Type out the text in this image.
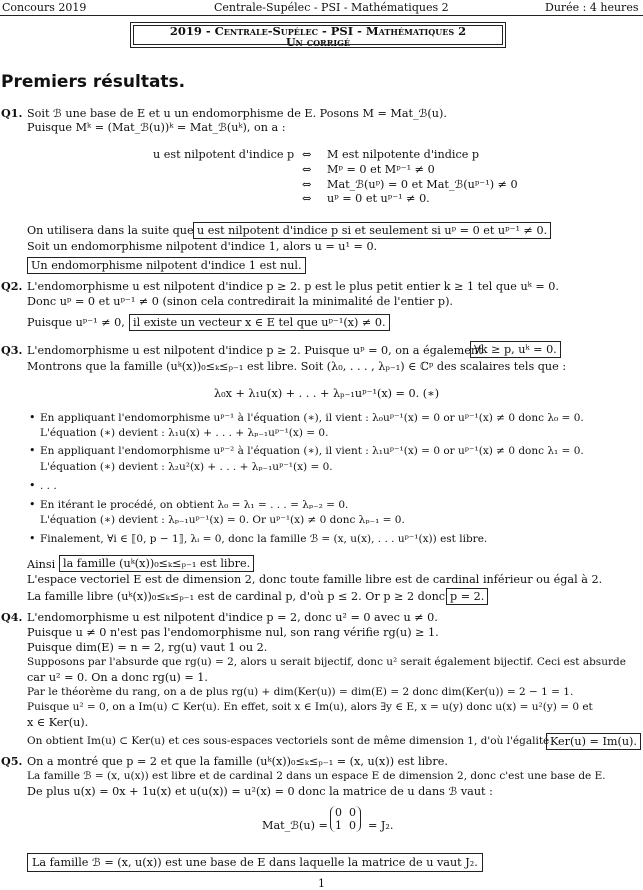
Concours 2019	Centrale-Supélec - PSI - Mathématiques 2	Durée : 4 heures
2019 - Centrale-Supélec - PSI - Mathématiques 2
Un corrigé
Premiers résultats.
Q1. Soit ℬ une base de E et u un endomorphisme de E. Posons M = Mat_ℬ(u).
Puisque Mᵏ = (Mat_ℬ(u))ᵏ = Mat_ℬ(uᵏ), on a :
u est nilpotent d'indice p ⇔ M est nilpotente d'indice p
⇔ Mᵖ = 0 et Mᵖ⁻¹ ≠ 0
⇔ Mat_ℬ(uᵖ) = 0 et Mat_ℬ(uᵖ⁻¹) ≠ 0
⇔ uᵖ = 0 et uᵖ⁻¹ ≠ 0.
On utilisera dans la suite que u est nilpotent d'indice p si et seulement si uᵖ = 0 et uᵖ⁻¹ ≠ 0.
Soit un endomorphisme nilpotent d'indice 1, alors u = u¹ = 0.
Un endomorphisme nilpotent d'indice 1 est nul.
Q2. L'endomorphisme u est nilpotent d'indice p ≥ 2. p est le plus petit entier k ≥ 1 tel que uᵏ = 0.
Donc uᵖ = 0 et uᵖ⁻¹ ≠ 0 (sinon cela contredirait la minimalité de l'entier p).
Puisque uᵖ⁻¹ ≠ 0, il existe un vecteur x ∈ E tel que uᵖ⁻¹(x) ≠ 0.
Q3. L'endomorphisme u est nilpotent d'indice p ≥ 2. Puisque uᵖ = 0, on a également
∀k ≥ p, uᵏ = 0.
Montrons que la famille (uᵏ(x))₀≤ₖ≤ₚ₋₁ est libre. Soit (λ₀, . . . , λₚ₋₁) ∈ ℂᵖ des scalaires tels que :
λ₀x + λ₁u(x) + . . . + λₚ₋₁uᵖ⁻¹(x) = 0. (∗)
• En appliquant l'endomorphisme uᵖ⁻¹ à l'équation (∗), il vient : λ₀uᵖ⁻¹(x) = 0 or uᵖ⁻¹(x) ≠ 0 donc λ₀ = 0.
L'équation (∗) devient : λ₁u(x) + . . . + λₚ₋₁uᵖ⁻¹(x) = 0.
• En appliquant l'endomorphisme uᵖ⁻² à l'équation (∗), il vient : λ₁uᵖ⁻¹(x) = 0 or uᵖ⁻¹(x) ≠ 0 donc λ₁ = 0.
L'équation (∗) devient : λ₂u²(x) + . . . + λₚ₋₁uᵖ⁻¹(x) = 0.
• . . .
• En itérant le procédé, on obtient λ₀ = λ₁ = . . . = λₚ₋₂ = 0.
L'équation (∗) devient : λₚ₋₁uᵖ⁻¹(x) = 0. Or uᵖ⁻¹(x) ≠ 0 donc λₚ₋₁ = 0.
• Finalement, ∀i ∈ ⟦0, p − 1⟧, λᵢ = 0, donc la famille ℬ = (x, u(x), . . . uᵖ⁻¹(x)) est libre.
Ainsi la famille (uᵏ(x))₀≤ₖ≤ₚ₋₁ est libre.
L'espace vectoriel E est de dimension 2, donc toute famille libre est de cardinal inférieur ou égal à 2.
La famille libre (uᵏ(x))₀≤ₖ≤ₚ₋₁ est de cardinal p, d'où p ≤ 2. Or p ≥ 2 donc p = 2.
Q4. L'endomorphisme u est nilpotent d'indice p = 2, donc u² = 0 avec u ≠ 0.
Puisque u ≠ 0 n'est pas l'endomorphisme nul, son rang vérifie rg(u) ≥ 1.
Puisque dim(E) = n = 2, rg(u) vaut 1 ou 2.
Supposons par l'absurde que rg(u) = 2, alors u serait bijectif, donc u² serait également bijectif. Ceci est absurde
car u² = 0. On a donc rg(u) = 1.
Par le théorème du rang, on a de plus rg(u) + dim(Ker(u)) = dim(E) = 2 donc dim(Ker(u)) = 2 − 1 = 1.
Puisque u² = 0, on a Im(u) ⊂ Ker(u). En effet, soit x ∈ Im(u), alors ∃y ∈ E, x = u(y) donc u(x) = u²(y) = 0 et
x ∈ Ker(u).
On obtient Im(u) ⊂ Ker(u) et ces sous-espaces vectoriels sont de même dimension 1, d'où l'égalité Ker(u) = Im(u).
Q5. On a montré que p = 2 et que la famille (uᵏ(x))₀≤ₖ≤ₚ₋₁ = (x, u(x)) est libre.
La famille ℬ = (x, u(x)) est libre et de cardinal 2 dans un espace E de dimension 2, donc c'est une base de E.
De plus u(x) = 0x + 1u(x) et u(u(x)) = u²(x) = 0 donc la matrice de u dans ℬ vaut :
Mat_ℬ(u) =
0 0
1 0	= J₂.
La famille ℬ = (x, u(x)) est une base de E dans laquelle la matrice de u vaut J₂.
1
